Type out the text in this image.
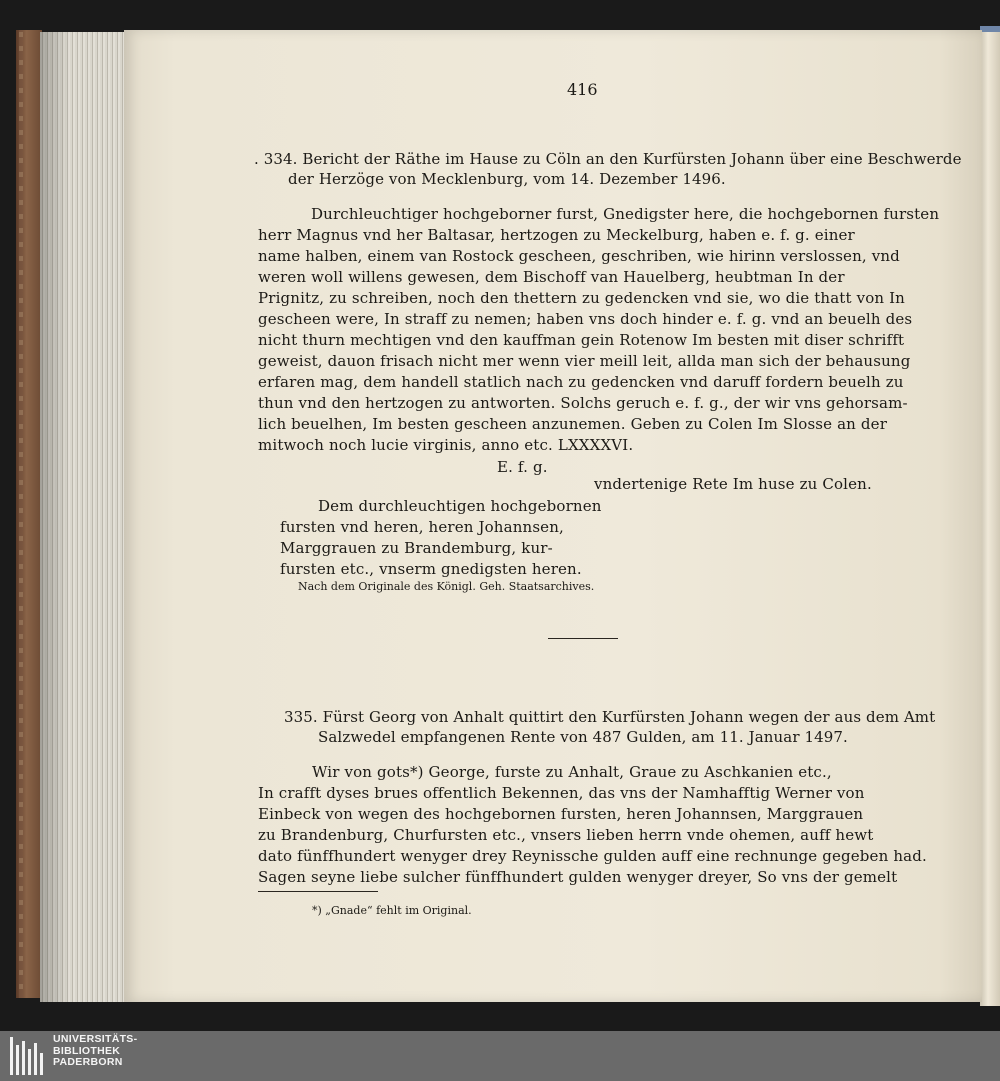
416
. 334. Bericht der Räthe im Hause zu Cöln an den Kurfürsten Johann über eine Beschwerde
der Herzöge von Mecklenburg, vom 14. Dezember 1496.
Durchleuchtiger hochgeborner furst, Gnedigster here, die hochgebornen fursten
herr Magnus vnd her Baltasar, hertzogen zu Meckelburg, haben e. f. g. einer
name halben, einem van Rostock gescheen, geschriben, wie hirinn verslossen, vnd
weren woll willens gewesen, dem Bischoff van Hauelberg, heubtman In der
Prignitz, zu schreiben, noch den thettern zu gedencken vnd sie, wo die thatt von In
gescheen were, In straff zu nemen; haben vns doch hinder e. f. g. vnd an beuelh des
nicht thurn mechtigen vnd den kauffman gein Rotenow Im besten mit diser schrifft
geweist, dauon frisach nicht mer wenn vier meill leit, allda man sich der behausung
erfaren mag, dem handell statlich nach zu gedencken vnd daruff fordern beuelh zu
thun vnd den hertzogen zu antworten. Solchs geruch e. f. g., der wir vns gehorsam-
lich beuelhen, Im besten gescheen anzunemen. Geben zu Colen Im Slosse an der
mitwoch noch lucie virginis, anno etc. LXXXXVI.
E. f. g.
vndertenige Rete Im huse zu Colen.
Dem durchleuchtigen hochgebornen
fursten vnd heren, heren Johannsen,
Marggrauen zu Brandemburg, kur-
fursten etc., vnserm gnedigsten heren.
Nach dem Originale des Königl. Geh. Staatsarchives.
335. Fürst Georg von Anhalt quittirt den Kurfürsten Johann wegen der aus dem Amt
Salzwedel empfangenen Rente von 487 Gulden, am 11. Januar 1497.
Wir von gots*) George, furste zu Anhalt, Graue zu Aschkanien etc.,
In crafft dyses brues offentlich Bekennen, das vns der Namhafftig Werner von
Einbeck von wegen des hochgebornen fursten, heren Johannsen, Marggrauen
zu Brandenburg, Churfursten etc., vnsers lieben herrn vnde ohemen, auff hewt
dato fünffhundert wenyger drey Reynissche gulden auff eine rechnunge gegeben had.
Sagen seyne liebe sulcher fünffhundert gulden wenyger dreyer, So vns der gemelt
*) „Gnade“ fehlt im Original.
UNIVERSITÄTS-
BIBLIOTHEK
PADERBORN
